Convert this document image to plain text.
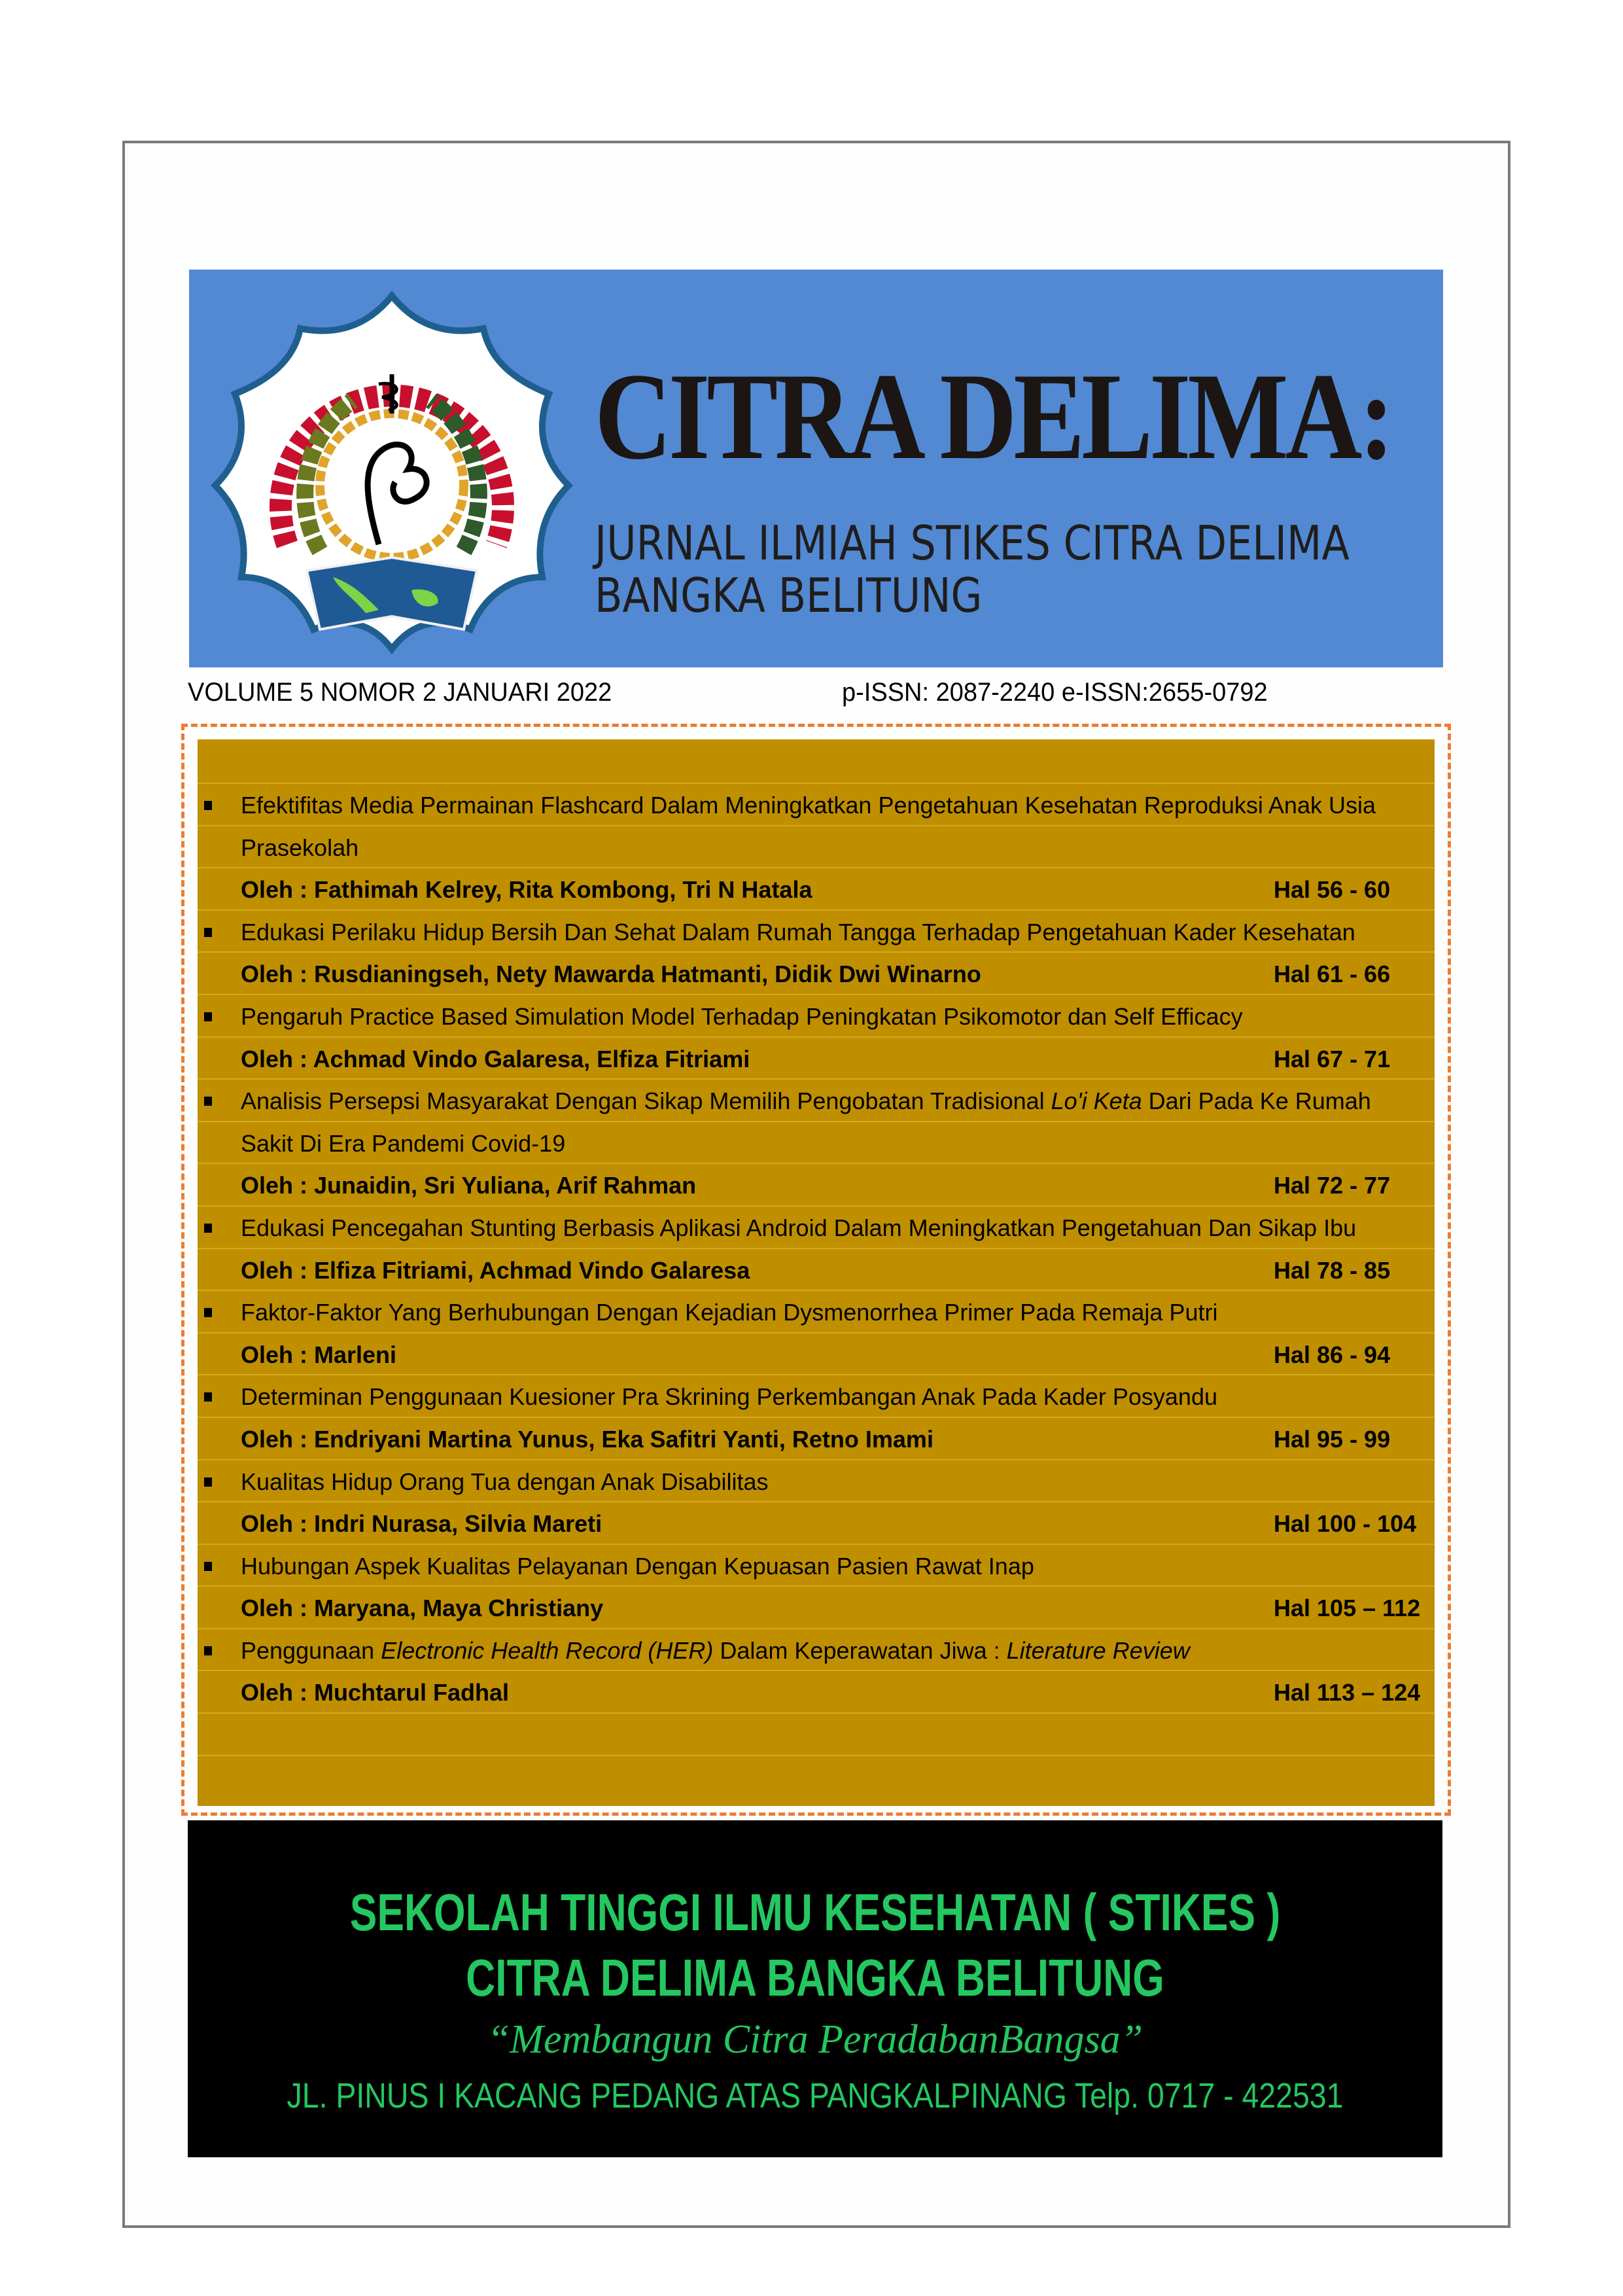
CITRA DELIMA:
JURNAL ILMIAH STIKES CITRA DELIMA
BANGKA BELITUNG
VOLUME 5 NOMOR 2 JANUARI 2022	p-ISSN: 2087-2240 e-ISSN:2655-0792
Efektifitas Media Permainan Flashcard Dalam Meningkatkan Pengetahuan Kesehatan Reproduksi Anak Usia
Prasekolah
Oleh : Fathimah Kelrey, Rita Kombong, Tri N Hatala	Hal 56 - 60
Edukasi Perilaku Hidup Bersih Dan Sehat Dalam Rumah Tangga Terhadap Pengetahuan Kader Kesehatan
Oleh : Rusdianingseh, Nety Mawarda Hatmanti, Didik Dwi Winarno	Hal 61 - 66
Pengaruh Practice Based Simulation Model Terhadap Peningkatan Psikomotor dan Self Efficacy
Oleh : Achmad Vindo Galaresa, Elfiza Fitriami	Hal 67 - 71
Analisis Persepsi Masyarakat Dengan Sikap Memilih Pengobatan Tradisional Lo'i Keta Dari Pada Ke Rumah
Sakit Di Era Pandemi Covid-19
Oleh : Junaidin, Sri Yuliana, Arif Rahman	Hal 72 - 77
Edukasi Pencegahan Stunting Berbasis Aplikasi Android Dalam Meningkatkan Pengetahuan Dan Sikap Ibu
Oleh : Elfiza Fitriami, Achmad Vindo Galaresa	Hal 78 - 85
Faktor-Faktor Yang Berhubungan Dengan Kejadian Dysmenorrhea Primer Pada Remaja Putri
Oleh : Marleni	Hal 86 - 94
Determinan Penggunaan Kuesioner Pra Skrining Perkembangan Anak Pada Kader Posyandu
Oleh : Endriyani Martina Yunus, Eka Safitri Yanti, Retno Imami	Hal 95 - 99
Kualitas Hidup Orang Tua dengan Anak Disabilitas
Oleh : Indri Nurasa, Silvia Mareti	Hal 100 - 104
Hubungan Aspek Kualitas Pelayanan Dengan Kepuasan Pasien Rawat Inap
Oleh : Maryana, Maya Christiany	Hal 105 – 112
Penggunaan Electronic Health Record (HER) Dalam Keperawatan Jiwa : Literature Review
Oleh : Muchtarul Fadhal	Hal 113 – 124
SEKOLAH TINGGI ILMU KESEHATAN ( STIKES )
CITRA DELIMA BANGKA BELITUNG
“Membangun Citra PeradabanBangsa”
JL. PINUS I KACANG PEDANG ATAS PANGKALPINANG Telp. 0717 - 422531
